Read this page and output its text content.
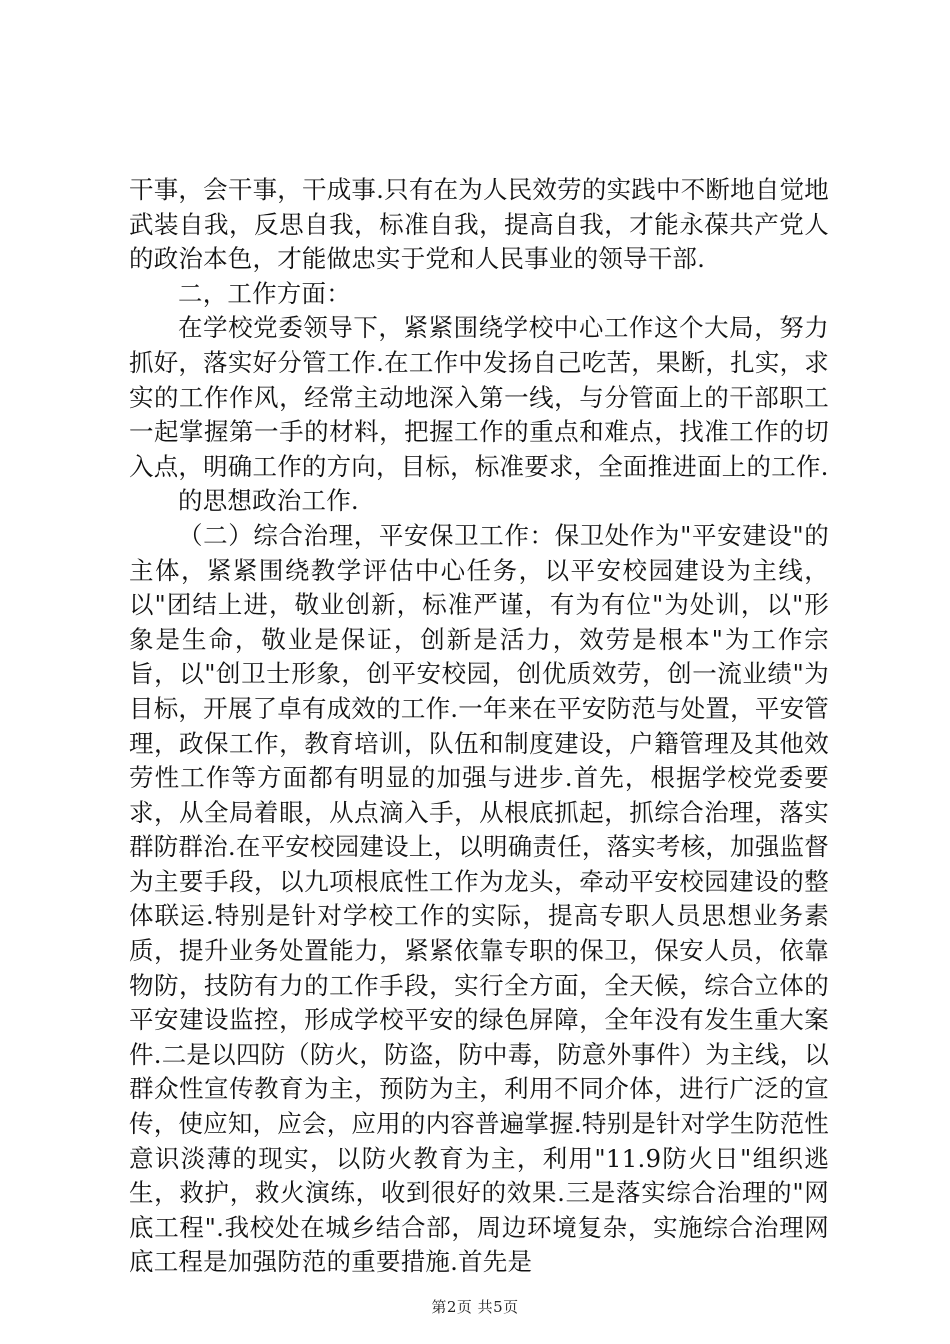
干事，会干事，干成事.只有在为人民效劳的实践中不断地自觉地武装自我，反思自我，标准自我，提高自我，才能永葆共产党人的政治本色，才能做忠实于党和人民事业的领导干部.

二，工作方面：

在学校党委领导下，紧紧围绕学校中心工作这个大局，努力抓好，落实好分管工作.在工作中发扬自己吃苦，果断，扎实，求实的工作作风，经常主动地深入第一线，与分管面上的干部职工一起掌握第一手的材料，把握工作的重点和难点，找准工作的切入点，明确工作的方向，目标，标准要求，全面推进面上的工作.

的思想政治工作.

（二）综合治理，平安保卫工作：保卫处作为"平安建设"的主体，紧紧围绕教学评估中心任务，以平安校园建设为主线，以"团结上进，敬业创新，标准严谨，有为有位"为处训，以"形象是生命，敬业是保证，创新是活力，效劳是根本"为工作宗旨，以"创卫士形象，创平安校园，创优质效劳，创一流业绩"为目标，开展了卓有成效的工作.一年来在平安防范与处置，平安管理，政保工作，教育培训，队伍和制度建设，户籍管理及其他效劳性工作等方面都有明显的加强与进步.首先，根据学校党委要求，从全局着眼，从点滴入手，从根底抓起，抓综合治理，落实群防群治.在平安校园建设上，以明确责任，落实考核，加强监督为主要手段，以九项根底性工作为龙头，牵动平安校园建设的整体联运.特别是针对学校工作的实际，提高专职人员思想业务素质，提升业务处置能力，紧紧依靠专职的保卫，保安人员，依靠物防，技防有力的工作手段，实行全方面，全天候，综合立体的平安建设监控，形成学校平安的绿色屏障，全年没有发生重大案件.二是以四防（防火，防盗，防中毒，防意外事件）为主线，以群众性宣传教育为主，预防为主，利用不同介体，进行广泛的宣传，使应知，应会，应用的内容普遍掌握.特别是针对学生防范性意识淡薄的现实，以防火教育为主，利用"11.9防火日"组织逃生，救护，救火演练，收到很好的效果.三是落实综合治理的"网底工程".我校处在城乡结合部，周边环境复杂，实施综合治理网底工程是加强防范的重要措施.首先是

第2页 共5页
